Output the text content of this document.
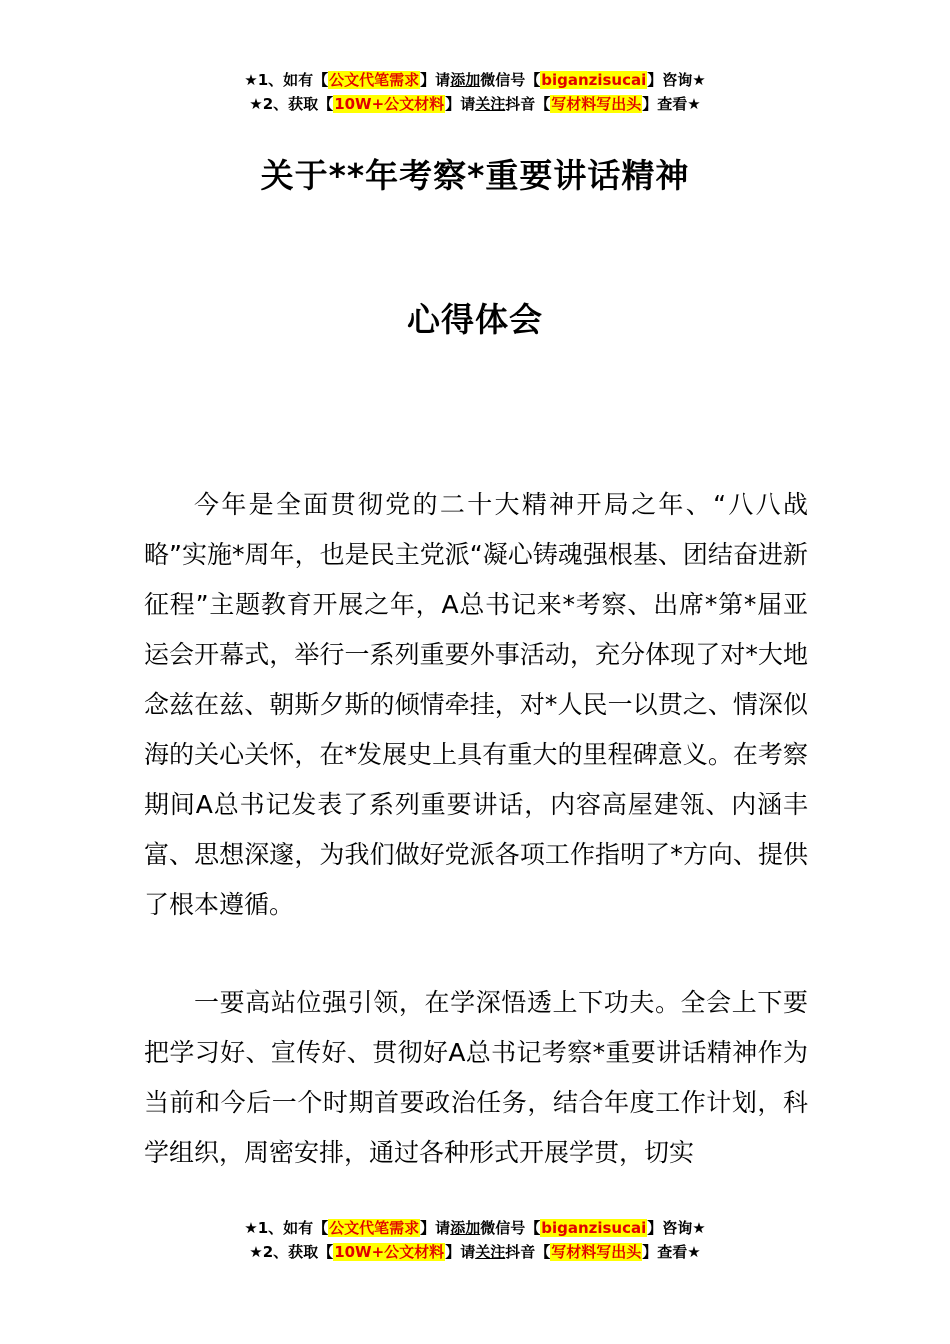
★1、如有【公文代笔需求】请添加微信号【biganzisucai】咨询★
★2、获取【10W+公文材料】请关注抖音【写材料写出头】查看★
关于**年考察*重要讲话精神
心得体会

今年是全面贯彻党的二十大精神开局之年、“八八战略”实施*周年，也是民主党派“凝心铸魂强根基、团结奋进新征程”主题教育开展之年，A总书记来*考察、出席*第*届亚运会开幕式，举行一系列重要外事活动，充分体现了对*大地念兹在兹、朝斯夕斯的倾情牵挂，对*人民一以贯之、情深似海的关心关怀，在*发展史上具有重大的里程碑意义。在考察期间A总书记发表了系列重要讲话，内容高屋建瓴、内涵丰富、思想深邃，为我们做好党派各项工作指明了*方向、提供了根本遵循。

一要高站位强引领，在学深悟透上下功夫。全会上下要把学习好、宣传好、贯彻好A总书记考察*重要讲话精神作为当前和今后一个时期首要政治任务，结合年度工作计划，科学组织，周密安排，通过各种形式开展学贯，切实

★1、如有【公文代笔需求】请添加微信号【biganzisucai】咨询★
★2、获取【10W+公文材料】请关注抖音【写材料写出头】查看★
